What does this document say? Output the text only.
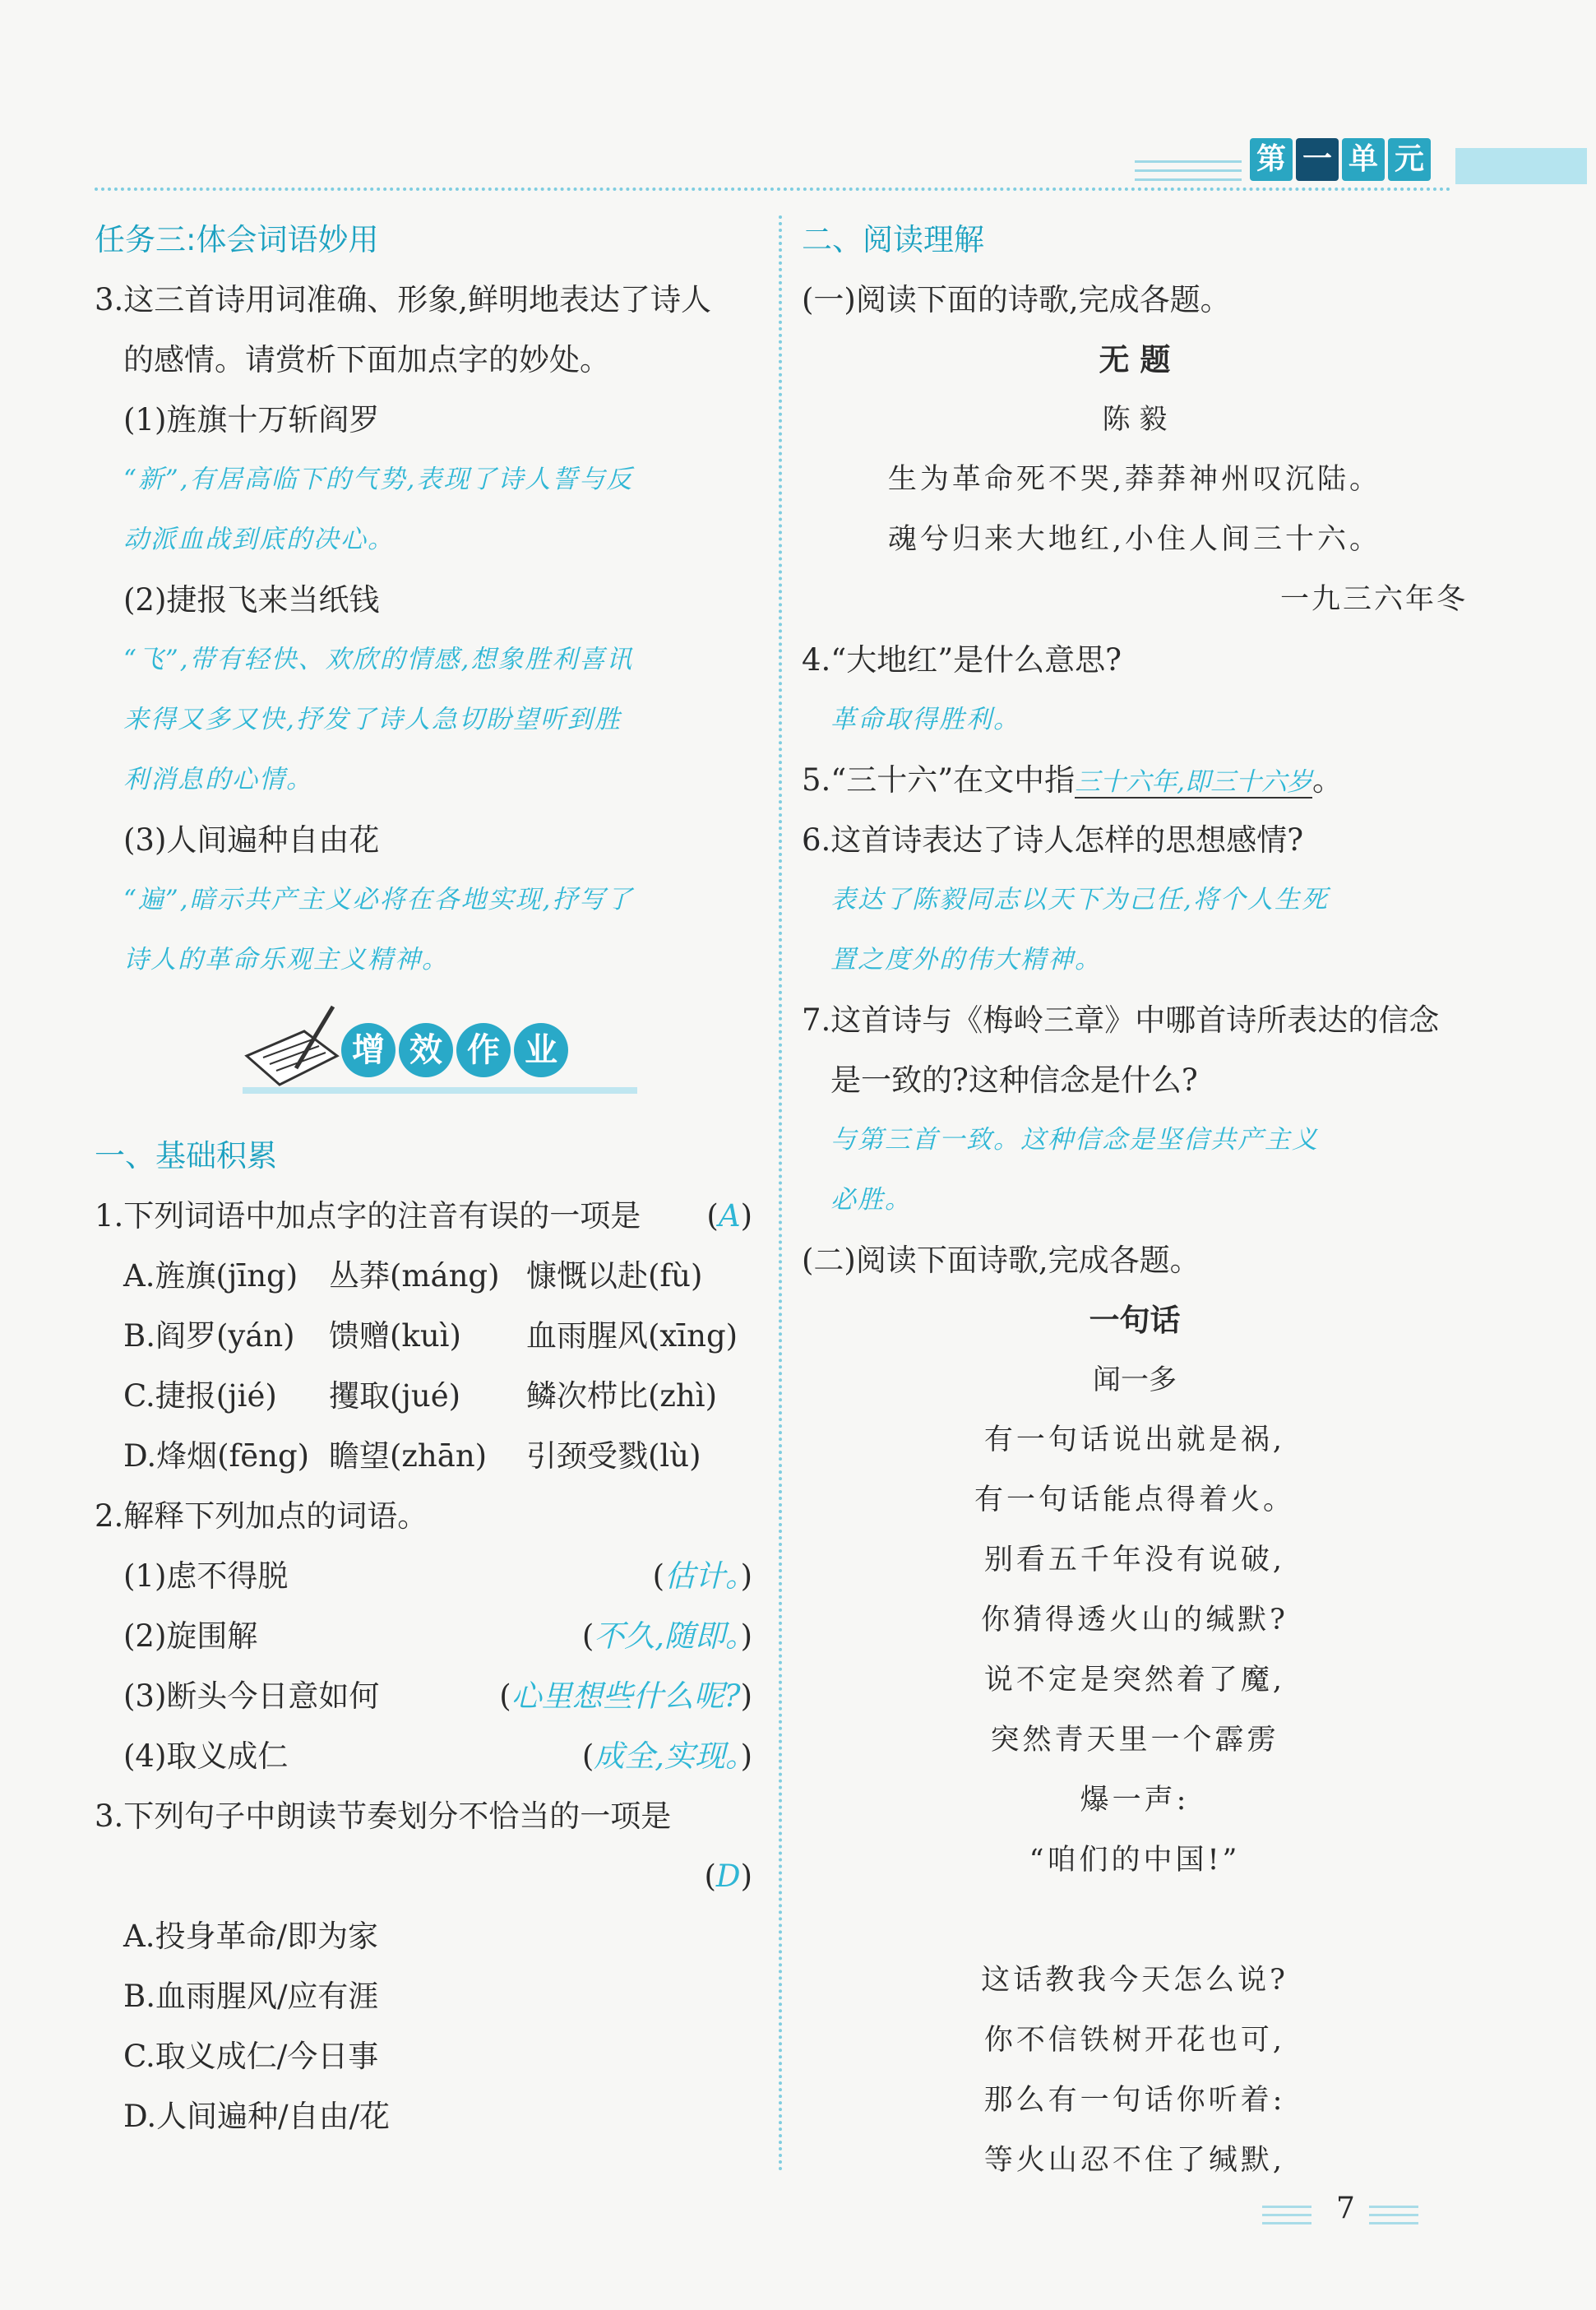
第 一 单 元
任务三:体会词语妙用
3.这三首诗用词准确、形象,鲜明地表达了诗人
的感情。请赏析下面加点字的妙处。
(1)旌旗十万斩阎罗
“新”,有居高临下的气势,表现了诗人誓与反
动派血战到底的决心。
(2)捷报飞来当纸钱
“飞”,带有轻快、欢欣的情感,想象胜利喜讯
来得又多又快,抒发了诗人急切盼望听到胜
利消息的心情。
(3)人间遍种自由花
“遍”,暗示共产主义必将在各地实现,抒写了
诗人的革命乐观主义精神。
增 效 作 业
一、基础积累
1.下列词语中加点字的注音有误的一项是 (A)
A.旌旗(jīng)	丛莽(máng) 慷慨以赴(fù)
B.阎罗(yán)	馈赠(kuì)	血雨腥风(xīng)
C.捷报(jié)	攫取(jué)	鳞次栉比(zhì)
D.烽烟(fēng) 瞻望(zhān)	引颈受戮(lù)
2.解释下列加点的词语。
(1)虑不得脱	(估计。)
(2)旋围解	(不久,随即。)
(3)断头今日意如何	(心里想些什么呢?)
(4)取义成仁	(成全,实现。)
3.下列句子中朗读节奏划分不恰当的一项是
(D)
A.投身革命/即为家
B.血雨腥风/应有涯
C.取义成仁/今日事
D.人间遍种/自由/花
二、阅读理解
(一)阅读下面的诗歌,完成各题。
无 题
陈 毅
生为革命死不哭,莽莽神州叹沉陆。
魂兮归来大地红,小住人间三十六。
一九三六年冬
4.“大地红”是什么意思?
革命取得胜利。
5.“三十六”在文中指三十六年,即三十六岁。
6.这首诗表达了诗人怎样的思想感情?
表达了陈毅同志以天下为己任,将个人生死
置之度外的伟大精神。
7.这首诗与《梅岭三章》中哪首诗所表达的信念
是一致的?这种信念是什么?
与第三首一致。这种信念是坚信共产主义
必胜。
(二)阅读下面诗歌,完成各题。
一句话
闻一多
有一句话说出就是祸,
有一句话能点得着火。
别看五千年没有说破,
你猜得透火山的缄默?
说不定是突然着了魔,
突然青天里一个霹雳
爆一声:
“咱们的中国!”
这话教我今天怎么说?
你不信铁树开花也可,
那么有一句话你听着:
等火山忍不住了缄默,
7
